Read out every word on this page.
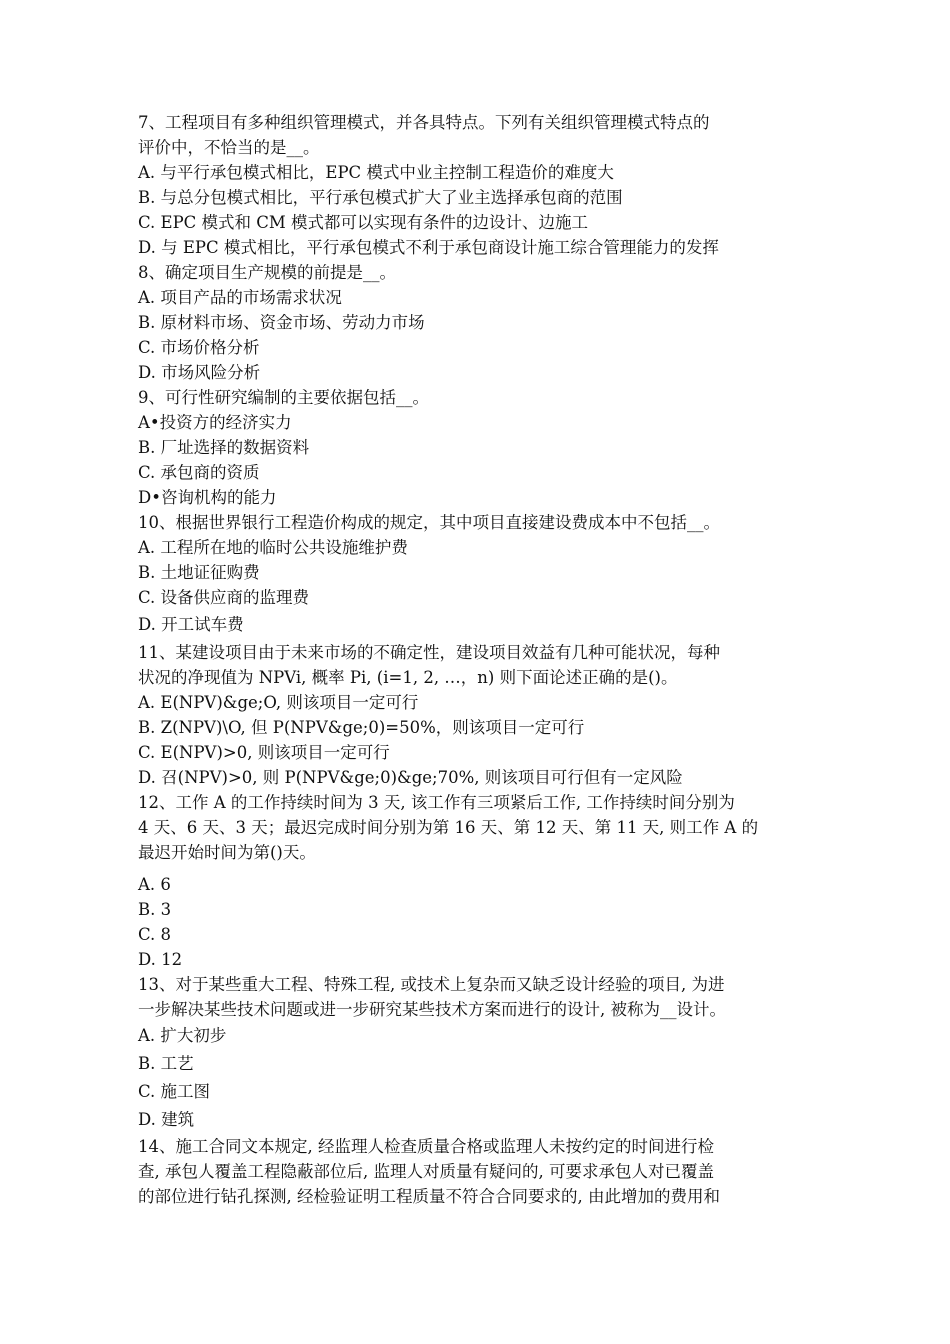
7、工程项目有多种组织管理模式，并各具特点。下列有关组织管理模式特点的
评价中，不恰当的是__。
A. 与平行承包模式相比，EPC 模式中业主控制工程造价的难度大
B. 与总分包模式相比，平行承包模式扩大了业主选择承包商的范围
C. EPC 模式和 CM 模式都可以实现有条件的边设计、边施工
D. 与 EPC 模式相比，平行承包模式不利于承包商设计施工综合管理能力的发挥
8、确定项目生产规模的前提是__。
A. 项目产品的市场需求状况
B. 原材料市场、资金市场、劳动力市场
C. 市场价格分析
D. 市场风险分析
9、可行性研究编制的主要依据包括__。
A•投资方的经济实力
B. 厂址选择的数据资料
C. 承包商的资质
D•咨询机构的能力
10、根据世界银行工程造价构成的规定，其中项目直接建设费成本中不包括__。
A. 工程所在地的临时公共设施维护费
B. 土地证征购费
C. 设备供应商的监理费
D. 开工试车费
11、某建设项目由于未来市场的不确定性，建设项目效益有几种可能状况，每种
状况的净现值为 NPVi, 概率 Pi, (i=1, 2, …，n) 则下面论述正确的是()。
A. E(NPV)&ge;O, 则该项目一定可行
B. Z(NPV)\O, 但 P(NPV&ge;0)=50%，则该项目一定可行
C. E(NPV)>0, 则该项目一定可行
D. 召(NPV)>0, 则 P(NPV&ge;0)&ge;70%, 则该项目可行但有一定风险
12、工作 A 的工作持续时间为 3 天, 该工作有三项紧后工作, 工作持续时间分别为
4 天、6 天、3 天；最迟完成时间分别为第 16 天、第 12 天、第 11 天, 则工作 A 的
最迟开始时间为第()天。
A. 6
B. 3
C. 8
D. 12
13、对于某些重大工程、特殊工程, 或技术上复杂而又缺乏设计经验的项目, 为进
一步解决某些技术问题或进一步研究某些技术方案而进行的设计, 被称为__设计。
A. 扩大初步
B. 工艺
C. 施工图
D. 建筑
14、施工合同文本规定, 经监理人检查质量合格或监理人未按约定的时间进行检
查, 承包人覆盖工程隐蔽部位后, 监理人对质量有疑问的, 可要求承包人对已覆盖
的部位进行钻孔探测, 经检验证明工程质量不符合合同要求的, 由此增加的费用和
